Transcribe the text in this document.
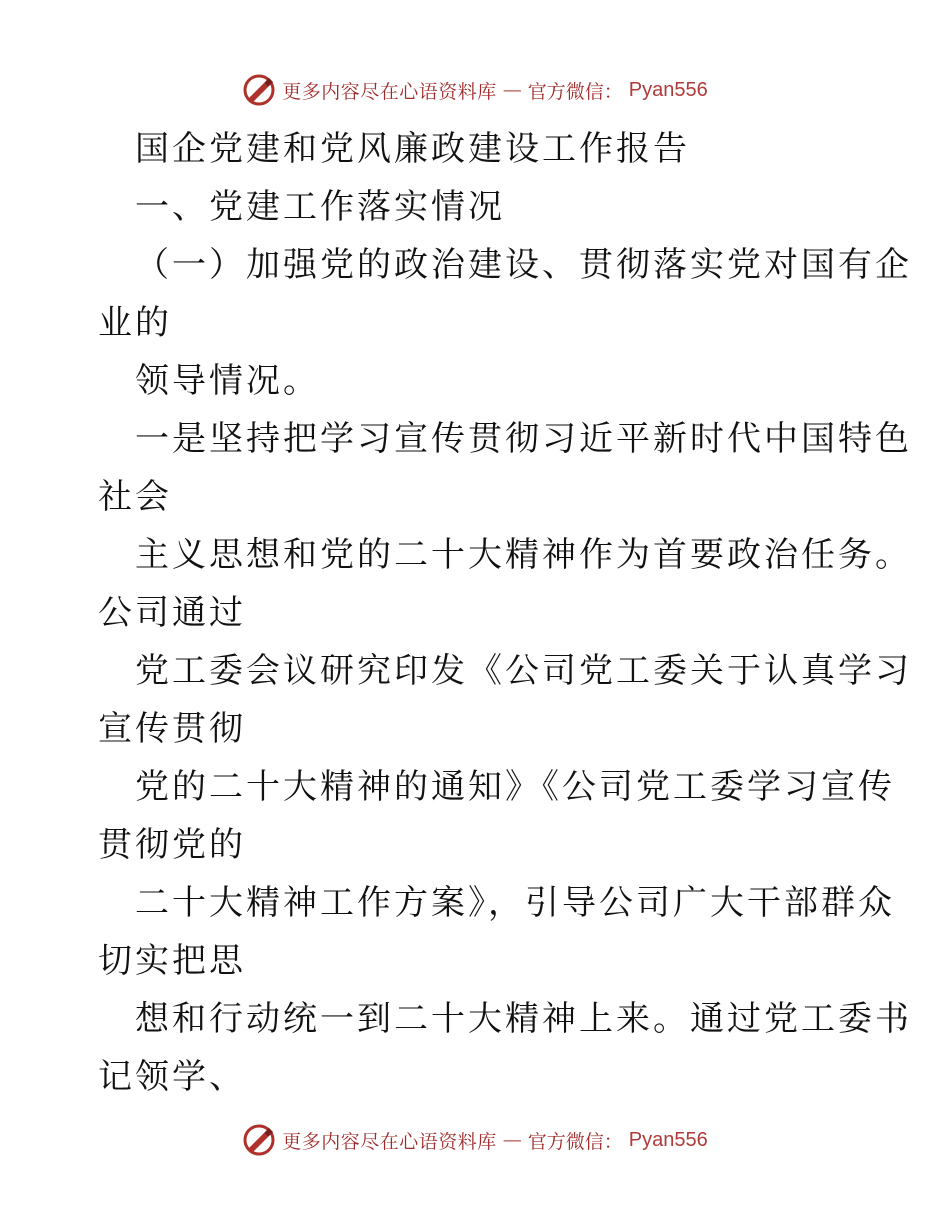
更多内容尽在心语资料库 — 官方微信： Pyan556
国企党建和党风廉政建设工作报告
一、党建工作落实情况
（一）加强党的政治建设、贯彻落实党对国有企
业的
领导情况。
一是坚持把学习宣传贯彻习近平新时代中国特色
社会
主义思想和党的二十大精神作为首要政治任务。
公司通过
党工委会议研究印发《公司党工委关于认真学习
宣传贯彻
党的二十大精神的通知》《公司党工委学习宣传
贯彻党的
二十大精神工作方案》，引导公司广大干部群众
切实把思
想和行动统一到二十大精神上来。通过党工委书
记领学、
更多内容尽在心语资料库 — 官方微信： Pyan556
